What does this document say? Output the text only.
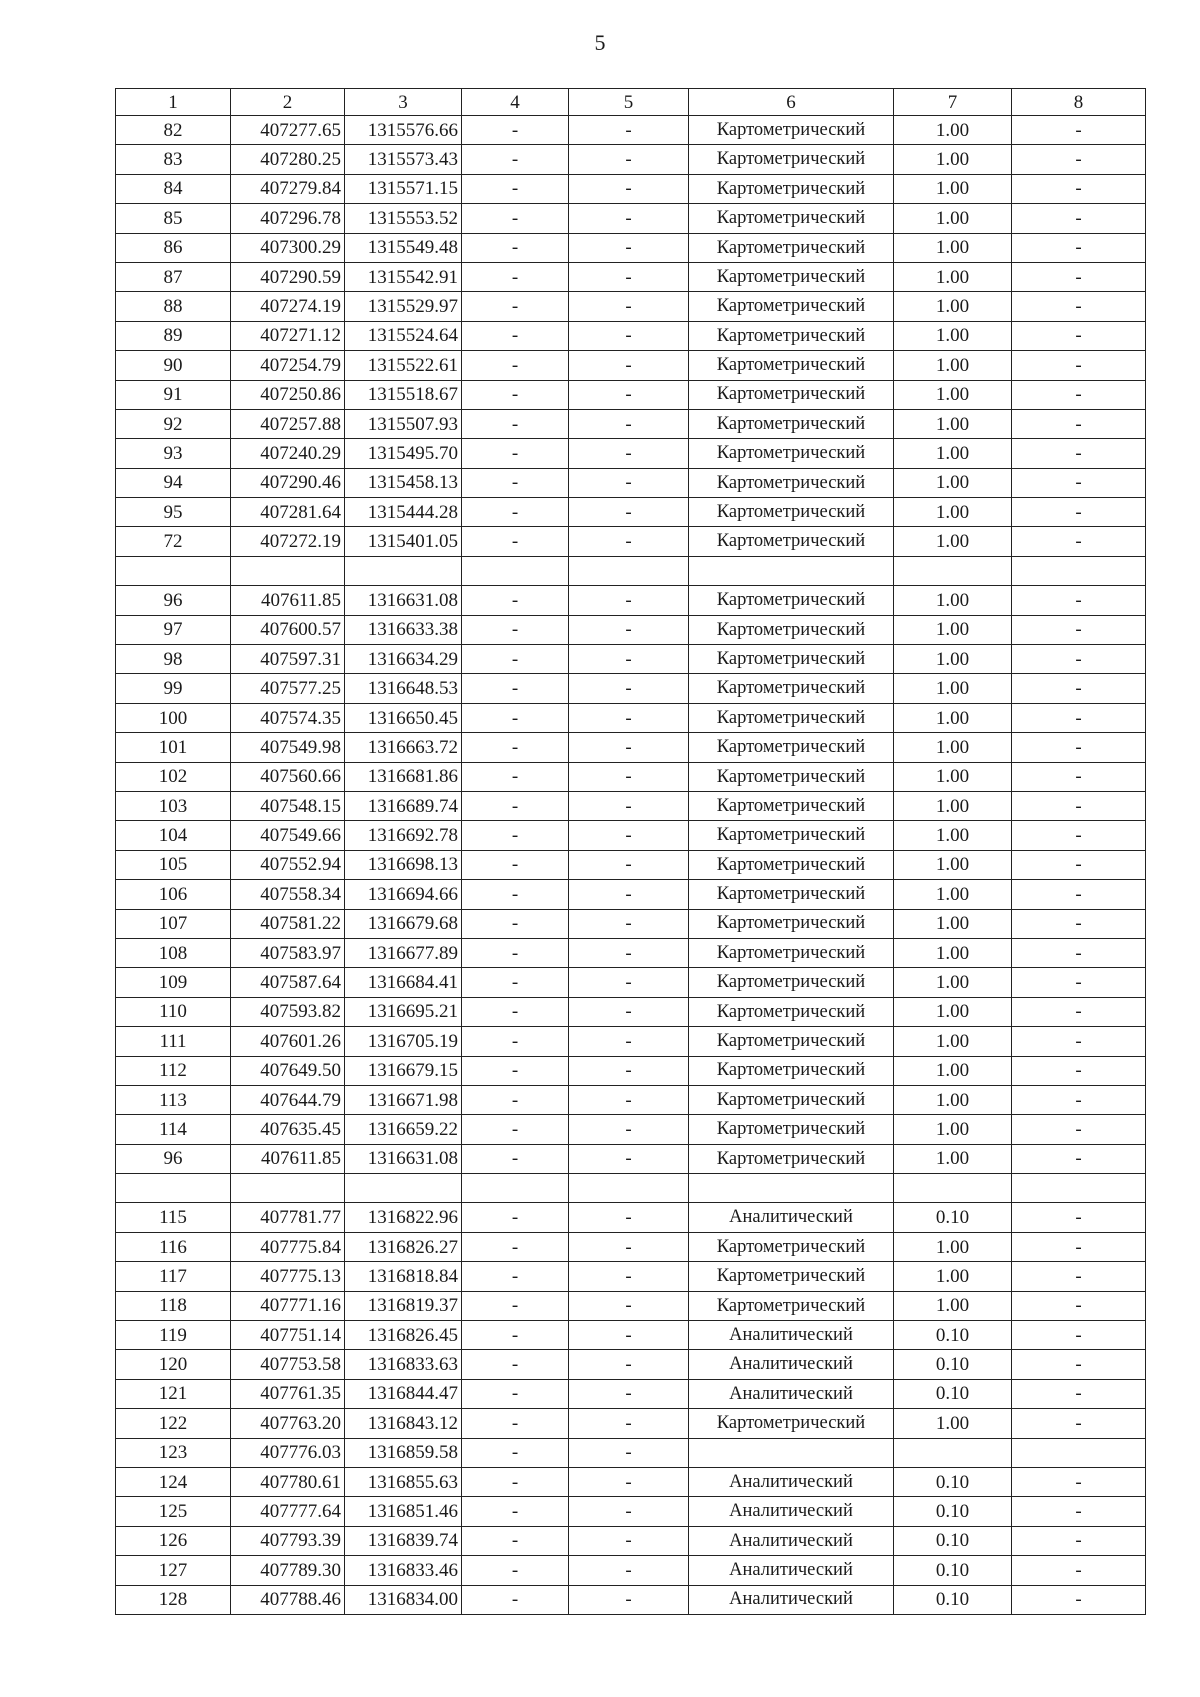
5
1	2	3	4	5	6	7	8
82	407277.65	1315576.66	-	-	Картометрический	1.00	-
83	407280.25	1315573.43	-	-	Картометрический	1.00	-
84	407279.84	1315571.15	-	-	Картометрический	1.00	-
85	407296.78	1315553.52	-	-	Картометрический	1.00	-
86	407300.29	1315549.48	-	-	Картометрический	1.00	-
87	407290.59	1315542.91	-	-	Картометрический	1.00	-
88	407274.19	1315529.97	-	-	Картометрический	1.00	-
89	407271.12	1315524.64	-	-	Картометрический	1.00	-
90	407254.79	1315522.61	-	-	Картометрический	1.00	-
91	407250.86	1315518.67	-	-	Картометрический	1.00	-
92	407257.88	1315507.93	-	-	Картометрический	1.00	-
93	407240.29	1315495.70	-	-	Картометрический	1.00	-
94	407290.46	1315458.13	-	-	Картометрический	1.00	-
95	407281.64	1315444.28	-	-	Картометрический	1.00	-
72	407272.19	1315401.05	-	-	Картометрический	1.00	-

96	407611.85	1316631.08	-	-	Картометрический	1.00	-
97	407600.57	1316633.38	-	-	Картометрический	1.00	-
98	407597.31	1316634.29	-	-	Картометрический	1.00	-
99	407577.25	1316648.53	-	-	Картометрический	1.00	-
100	407574.35	1316650.45	-	-	Картометрический	1.00	-
101	407549.98	1316663.72	-	-	Картометрический	1.00	-
102	407560.66	1316681.86	-	-	Картометрический	1.00	-
103	407548.15	1316689.74	-	-	Картометрический	1.00	-
104	407549.66	1316692.78	-	-	Картометрический	1.00	-
105	407552.94	1316698.13	-	-	Картометрический	1.00	-
106	407558.34	1316694.66	-	-	Картометрический	1.00	-
107	407581.22	1316679.68	-	-	Картометрический	1.00	-
108	407583.97	1316677.89	-	-	Картометрический	1.00	-
109	407587.64	1316684.41	-	-	Картометрический	1.00	-
110	407593.82	1316695.21	-	-	Картометрический	1.00	-
111	407601.26	1316705.19	-	-	Картометрический	1.00	-
112	407649.50	1316679.15	-	-	Картометрический	1.00	-
113	407644.79	1316671.98	-	-	Картометрический	1.00	-
114	407635.45	1316659.22	-	-	Картометрический	1.00	-
96	407611.85	1316631.08	-	-	Картометрический	1.00	-

115	407781.77	1316822.96	-	-	Аналитический	0.10	-
116	407775.84	1316826.27	-	-	Картометрический	1.00	-
117	407775.13	1316818.84	-	-	Картометрический	1.00	-
118	407771.16	1316819.37	-	-	Картометрический	1.00	-
119	407751.14	1316826.45	-	-	Аналитический	0.10	-
120	407753.58	1316833.63	-	-	Аналитический	0.10	-
121	407761.35	1316844.47	-	-	Аналитический	0.10	-
122	407763.20	1316843.12	-	-	Картометрический	1.00	-
123	407776.03	1316859.58	-	-			
124	407780.61	1316855.63	-	-	Аналитический	0.10	-
125	407777.64	1316851.46	-	-	Аналитический	0.10	-
126	407793.39	1316839.74	-	-	Аналитический	0.10	-
127	407789.30	1316833.46	-	-	Аналитический	0.10	-
128	407788.46	1316834.00	-	-	Аналитический	0.10	-
